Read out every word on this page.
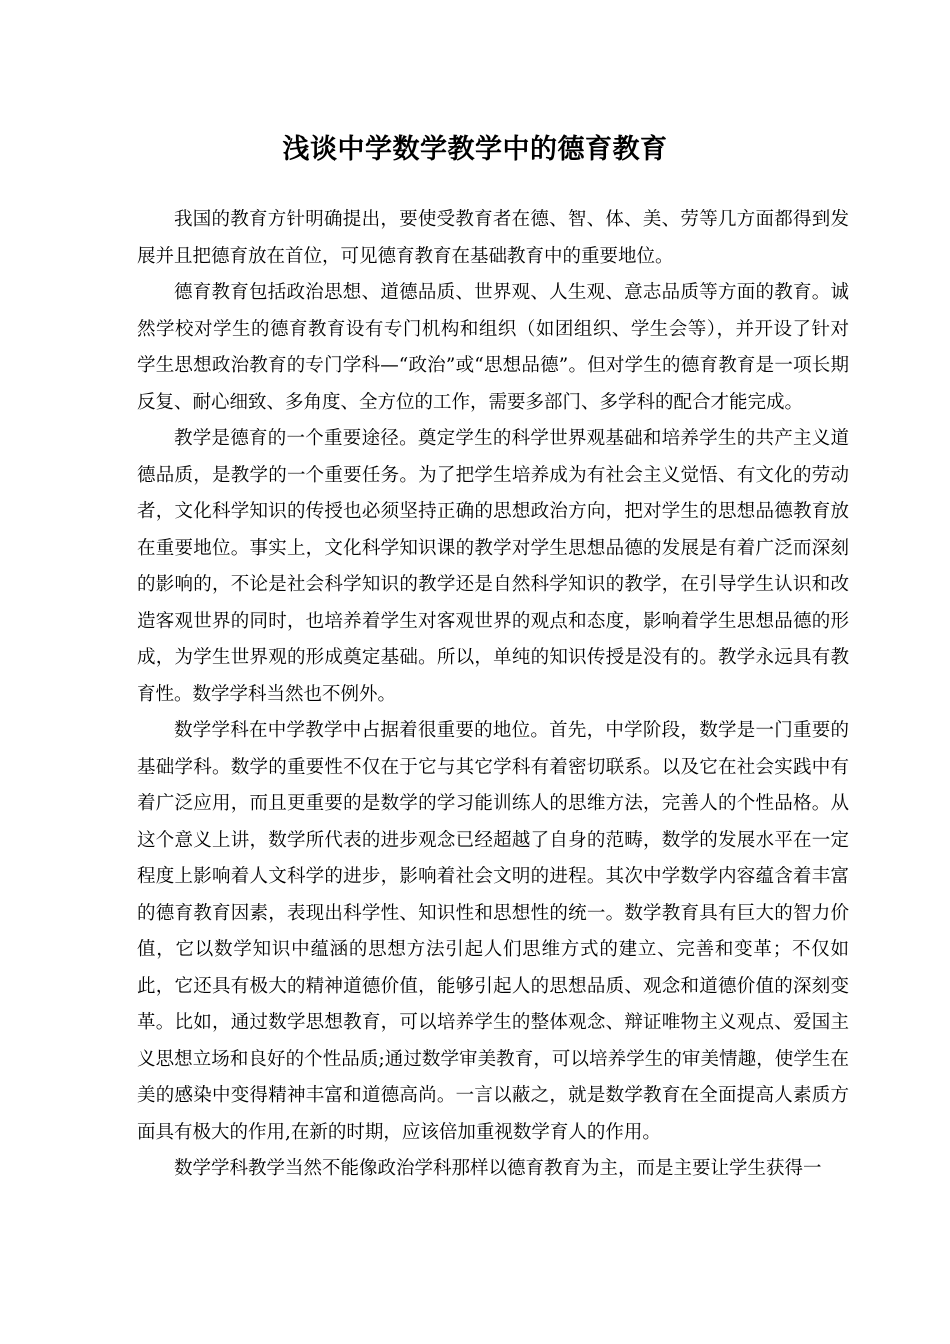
浅谈中学数学教学中的德育教育

我国的教育方针明确提出，要使受教育者在德、智、体、美、劳等几方面都得到发展并且把德育放在首位，可见德育教育在基础教育中的重要地位。

德育教育包括政治思想、道德品质、世界观、人生观、意志品质等方面的教育。诚然学校对学生的德育教育设有专门机构和组织（如团组织、学生会等），并开设了针对学生思想政治教育的专门学科—“政治”或“思想品德”。但对学生的德育教育是一项长期反复、耐心细致、多角度、全方位的工作，需要多部门、多学科的配合才能完成。

教学是德育的一个重要途径。奠定学生的科学世界观基础和培养学生的共产主义道德品质，是教学的一个重要任务。为了把学生培养成为有社会主义觉悟、有文化的劳动者，文化科学知识的传授也必须坚持正确的思想政治方向，把对学生的思想品德教育放在重要地位。事实上，文化科学知识课的教学对学生思想品德的发展是有着广泛而深刻的影响的，不论是社会科学知识的教学还是自然科学知识的教学，在引导学生认识和改造客观世界的同时，也培养着学生对客观世界的观点和态度，影响着学生思想品德的形成，为学生世界观的形成奠定基础。所以，单纯的知识传授是没有的。教学永远具有教育性。数学学科当然也不例外。

数学学科在中学教学中占据着很重要的地位。首先，中学阶段，数学是一门重要的基础学科。数学的重要性不仅在于它与其它学科有着密切联系。以及它在社会实践中有着广泛应用，而且更重要的是数学的学习能训练人的思维方法，完善人的个性品格。从这个意义上讲，数学所代表的进步观念已经超越了自身的范畴，数学的发展水平在一定程度上影响着人文科学的进步，影响着社会文明的进程。其次中学数学内容蕴含着丰富的德育教育因素，表现出科学性、知识性和思想性的统一。数学教育具有巨大的智力价值，它以数学知识中蕴涵的思想方法引起人们思维方式的建立、完善和变革；不仅如此，它还具有极大的精神道德价值，能够引起人的思想品质、观念和道德价值的深刻变革。比如，通过数学思想教育，可以培养学生的整体观念、辩证唯物主义观点、爱国主义思想立场和良好的个性品质;通过数学审美教育，可以培养学生的审美情趣，使学生在美的感染中变得精神丰富和道德高尚。一言以蔽之，就是数学教育在全面提高人素质方面具有极大的作用,在新的时期，应该倍加重视数学育人的作用。

数学学科教学当然不能像政治学科那样以德育教育为主，而是主要让学生获得一
